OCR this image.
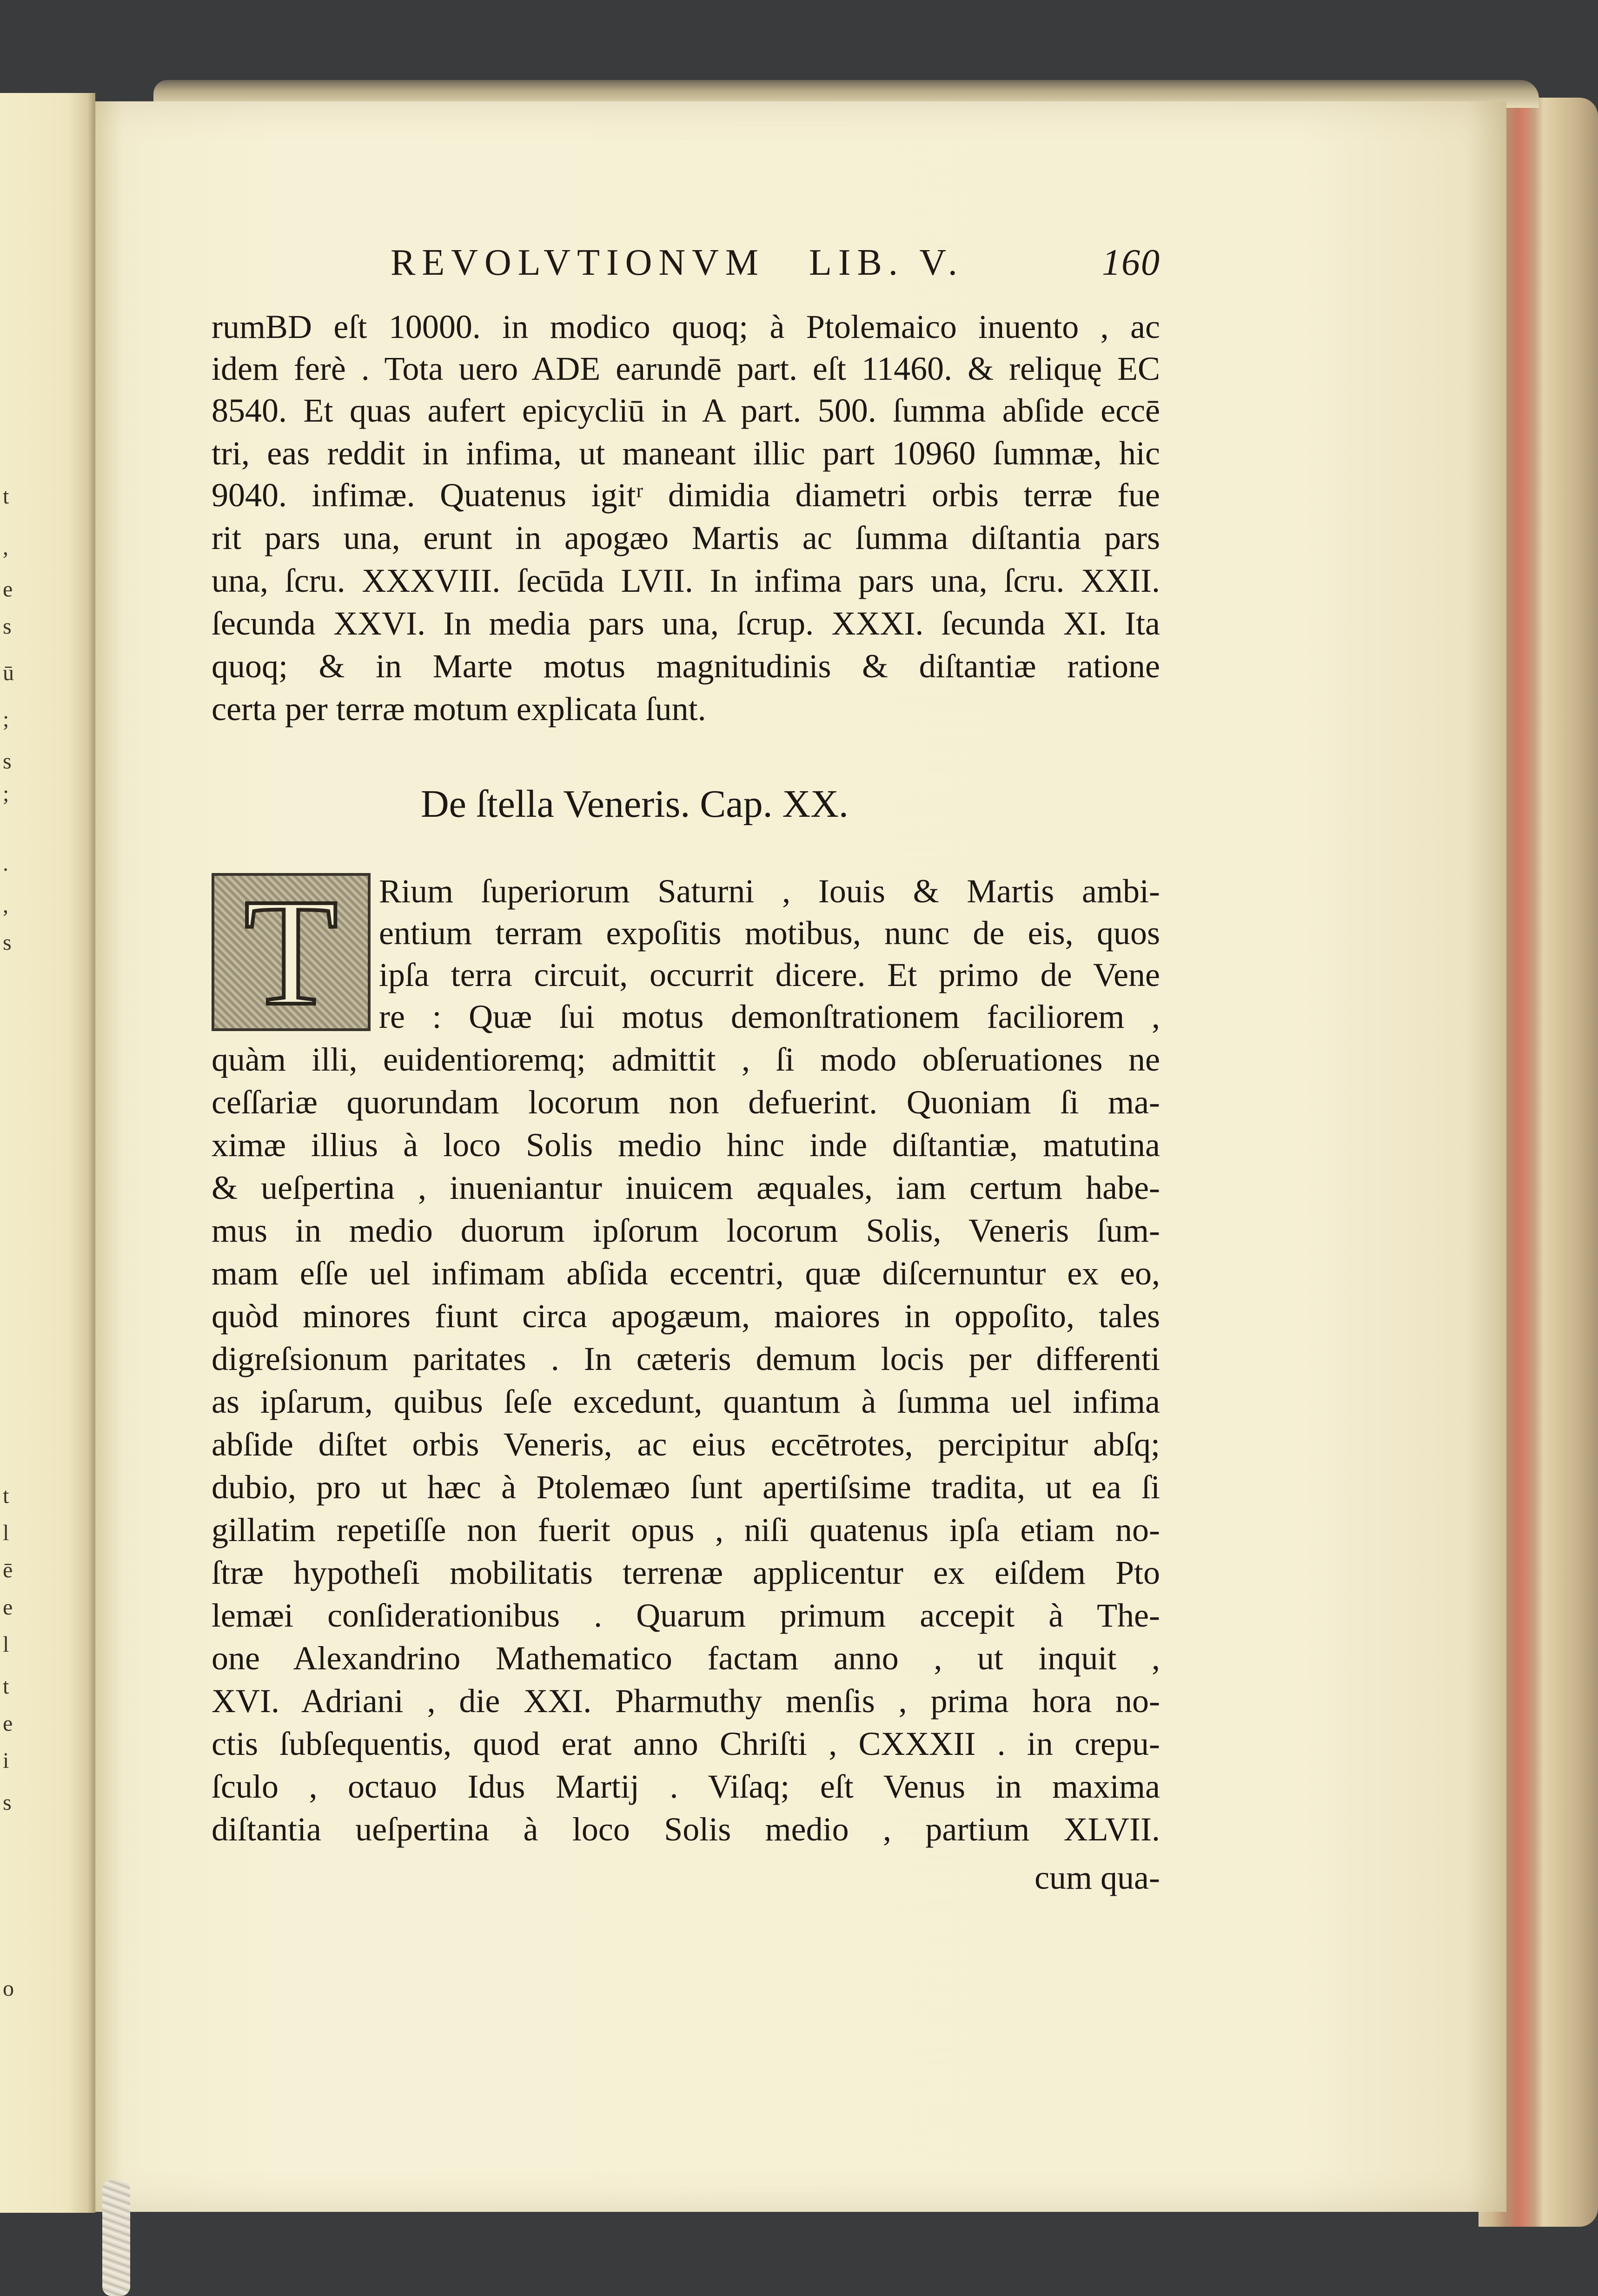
t
,
e
s
ū
;
s
;
.
,
s
t
l
ē
e
l
t
e
i
s
o
REVOLVTIONVM LIB. V.	160
rumBD eſt 10000. in modico quoq; à Ptolemaico inuento , ac
idem ferè . Tota uero ADE earundē part. eſt 11460. & reliquę EC
8540. Et quas aufert epicycliū in A part. 500. ſumma abſide eccē
tri, eas reddit in infima, ut maneant illic part 10960 ſummæ, hic
9040. infimæ. Quatenus igitʳ dimidia diametri orbis terræ fue
rit pars una, erunt in apogæo Martis ac ſumma diſtantia pars
una, ſcru. XXXVIII. ſecūda LVII. In infima pars una, ſcru. XXII.
ſecunda XXVI. In media pars una, ſcrup. XXXI. ſecunda XI. Ita
quoq; & in Marte motus magnitudinis & diſtantiæ ratione
certa per terræ motum explicata ſunt.
De ſtella Veneris. Cap. XX.
T	Rium ſuperiorum Saturni , Iouis & Martis ambi-
entium terram expoſitis motibus, nunc de eis, quos
ipſa terra circuit, occurrit dicere. Et primo de Vene
re : Quæ ſui motus demonſtrationem faciliorem ,
quàm illi, euidentioremq; admittit , ſi modo obſeruationes ne
ceſſariæ quorundam locorum non defuerint. Quoniam ſi ma-
ximæ illius à loco Solis medio hinc inde diſtantiæ, matutina
& ueſpertina , inueniantur inuicem æquales, iam certum habe-
mus in medio duorum ipſorum locorum Solis, Veneris ſum-
mam eſſe uel infimam abſida eccentri, quæ diſcernuntur ex eo,
quòd minores fiunt circa apogæum, maiores in oppoſito, tales
digreſsionum paritates . In cæteris demum locis per differenti
as ipſarum, quibus ſeſe excedunt, quantum à ſumma uel infima
abſide diſtet orbis Veneris, ac eius eccētrotes, percipitur abſq;
dubio, pro ut hæc à Ptolemæo ſunt apertiſsime tradita, ut ea ſi
gillatim repetiſſe non fuerit opus , niſi quatenus ipſa etiam no-
ſtræ hypotheſi mobilitatis terrenæ applicentur ex eiſdem Pto
lemæi conſiderationibus . Quarum primum accepit à The-
one Alexandrino Mathematico factam anno , ut inquit ,
XVI. Adriani , die XXI. Pharmuthy menſis , prima hora no-
ctis ſubſequentis, quod erat anno Chriſti , CXXXII . in crepu-
ſculo , octauo Idus Martij . Viſaq; eſt Venus in maxima
diſtantia ueſpertina à loco Solis medio , partium XLVII.
cum qua-
